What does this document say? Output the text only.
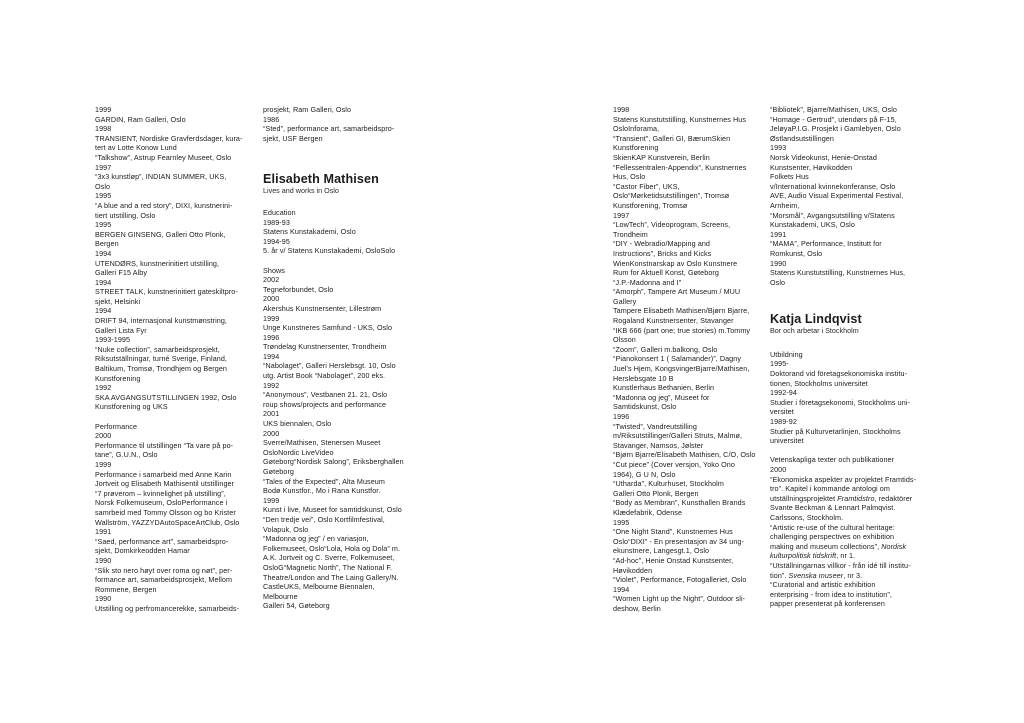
1999
GARDIN, Ram Galleri, Oslo
1998
TRANSIENT, Nordiske Gravferdsdager, kura-
tert av Lotte Konow Lund
“Talkshow”, Astrup Fearnley Museet, Oslo
1997
“3x3 kunstløp”, INDIAN SUMMER, UKS,
Oslo
1995
“A blue and a red story”, DIXI, kunstnerini-
tiert utstilling, Oslo
1995
BERGEN GINSENG, Galleri Otto Plonk,
Bergen
1994
UTENDØRS, kunstnerinitiert utstilling,
Galleri F15 Alby
1994
STREET TALK, kunstnerinitiert gateskiltpro-
sjekt, Helsinki
1994
DRIFT 94, internasjonal kunstmønstring,
Galleri Lista Fyr
1993-1995
“Nuke collection”, samarbeidsprosjekt,
Riksutställningar, turné Sverige, Finland,
Baltikum, Tromsø, Trondhjem og Bergen
Kunstforening
1992
SKA AVGANGSUTSTILLINGEN 1992, Oslo
Kunstforening og UKS
Performance
2000
Performance til utstillingen “Ta vare på po-
tane”, G.U.N., Oslo
1999
Performance i samarbeid med Anne Karin
Jortveit og Elisabeth Mathisentil utstillinger
“7 prøverom – kvinnelighet på utstilling”,
Norsk Folkemuseum, OsloPerformance i
samrbeid med Tommy Olsson og bo Krister
Wallström, YAZZYDAutoSpaceArtClub, Oslo
1991
“Saed, performance art”, samarbeidspro-
sjekt, Domkirkeodden Hamar
1990
“Slik sto nero høyt over roma og nøt”, per-
formance art, samarbeidsprosjekt, Mellom
Rommene, Bergen
1990
Utstilling og perfromancerekke, samarbeids-
prosjekt, Ram Galleri, Oslo
1986
“Sted”, performance art, samarbeidspro-
sjekt, USF Bergen
Elisabeth Mathisen
Lives and works in Oslo
Education
1989-93
Statens Kunstakademi, Oslo
1994-95
5. år v/ Statens Kunstakademi, OsloSolo
Shows
2002
Tegneforbundet, Oslo
2000
Akershus Kunstnersenter, Lillestrøm
1999
Unge Kunstneres Samfund - UKS, Oslo
1996
Trøndelag Kunstnersenter, Trondheim
1994
“Nabolaget”, Galleri Herslebsgt. 10, Oslo
utg. Artist Book “Nabolaget”, 200 eks.
1992
“Anonymous”, Vestbanen 21. 21, Oslo
roup shows/projects and performance
2001
UKS biennalen, Oslo
2000
Sverre/Mathisen, Stenersen Museet
OsloNordic LiveVideo
Gøteborg“Nordisk Salong”, Eriksberghallen
Gøteborg
“Tales of the Expected”, Alta Museum
Bodø Kunstfor., Mo i Rana Kunstfor.
1999
Kunst i live, Museet for samtidskunst, Oslo
“Den tredje vei”, Oslo Kortfilmfestival,
Volapuk, Oslo
“Madonna og jeg” / en variasjon,
Folkemuseet, Oslo“Lola, Hola og Dola” m.
A.K. Jortveit og C. Sverre, Folkemuseet,
OsloG“Magnetic North”, The National F.
Theatre/London and The Laing Gallery/N.
CastleUKS, Melbourne Biennalen,
Melbourne
Galleri 54, Gøteborg
1998
Statens Kunstutstilling, Kunstnernes Hus
OsloInforama,
“Transient”, Galleri GI, BærumSkien
Kunstforening
SkienKAP Kunstverein, Berlin
“Fellessentralen-Appendix”, Kunstnernes
Hus, Oslo
“Castor Fiber”, UKS,
Oslo“Mørketidsutstillingen”, Tromsø
Kunstforening, Tromsø
1997
“LowTech”, Videoprogram, Screens,
Trondheim
“DIY - Webradio/Mapping and
Instructions”, Bricks and Kicks
WienKonstnarskap av Oslo Kunstnere
Rum for Aktuell Konst, Gøteborg
“J.P.-Madonna and I”
“Amorph”, Tampere Art Museum / MUU
Gallery
Tampere Elisabeth Mathisen/Bjørn Bjarre,
Rogaland Kunstnersenter, Stavanger
“IKB 666 (part one; true stories) m.Tommy
Olsson
“Zoom”, Galleri m.balkong, Oslo
“Pianokonsert 1 ( Salamander)”, Dagny
Juel's Hjem, KongsvingerBjarre/Mathisen,
Herslebsgate 10 B
Kunstlerhaus Bethanien, Berlin
“Madonna og jeg”, Museet for
Samtidskunst, Oslo
1996
“Twisted”, Vandreutstilling
m/Riksutstillinger/Galleri Struts, Malmø,
Stavanger, Namsos, Jølster
“Bjørn Bjarre/Elisabeth Mathisen, C/O, Oslo
“Cut piece” (Cover versjon, Yoko Ono
1964), G U N, Oslo
“Utharda”, Kulturhuset, Stockholm
Galleri Otto Plonk, Bergen
“Body as Membran”, Kunsthallen Brands
Klædefabrik, Odense
1995
“One Night Stand”, Kunstnernes Hus
Oslo“DIXI” - En presentasjon av 34 ung-
ekunstnere, Langesgt.1, Oslo
“Ad-hoc”, Henie Onstad Kunstsenter,
Høvikodden
“Violet”, Performance, Fotogalleriet, Oslo
1994
“Women Light up the Night”, Outdoor sli-
deshow, Berlin
“Bibliotek”, Bjarre/Mathisen, UKS, Oslo
“Homage - Gertrud”, utendørs på F-15,
JeløyaP.I.G. Prosjekt i Gamlebyen, Oslo
Østlandsutstillingen
1993
Norsk Videokunst, Henie-Onstad
Kunstsenter, Høvikodden
Folkets Hus
v/International kvinnekonferanse, Oslo
AVE, Audio Visual Experimental Festival,
Arnheim,
“Morsmål”, Avgangsutstilling v/Statens
Kunstakademi, UKS, Oslo
1991
“MAMA”, Performance, Institutt for
Romkunst, Oslo
1990
Statens Kunstutstilling, Kunstnernes Hus,
Oslo
Katja Lindqvist
Bor och arbetar i Stockholm
Utbildning
1995-
Doktorand vid företagsekonomiska institu-
tionen, Stockholms universitet
1992-94
Studier i företagsekonomi, Stockholms uni-
versitet
1989-92
Studier på Kulturvetarlinjen, Stockholms
universitet
Vetenskapliga texter och publikationer
2000
“Ekonomiska aspekter av projektet Framtids-
tro”. Kapitel i kommande antologi om
utställningsprojektet Framtidstro, redaktörer
Svante Beckman & Lennart Palmqvist.
Carlssons, Stockholm.
“Artistic re-use of the cultural heritage:
challenging perspectives on exhibition
making and museum collections”, Nordisk
kulturpolitisk tidskrift, nr 1.
“Utställningarnas villkor - från idé till institu-
tion”. Svenska museer, nr 3.
“Curatorial and artistic exhibition
enterprising - from idea to institution”,
papper presenterat på konferensen
